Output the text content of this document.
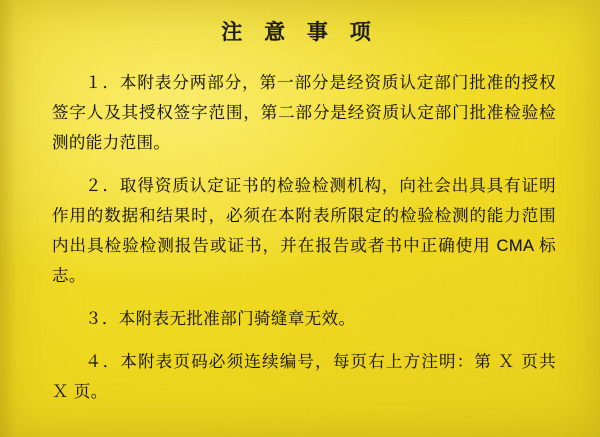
注 意 事 项

１．本附表分两部分，第一部分是经资质认定部门批准的授权签字人及其授权签字范围，第二部分是经资质认定部门批准检验检测的能力范围。

２．取得资质认定证书的检验检测机构，向社会出具具有证明作用的数据和结果时，必须在本附表所限定的检验检测的能力范围内出具检验检测报告或证书，并在报告或者书中正确使用 CMA 标志。

３．本附表无批准部门骑缝章无效。

４．本附表页码必须连续编号，每页右上方注明：第 Ｘ 页共 Ｘ 页。
